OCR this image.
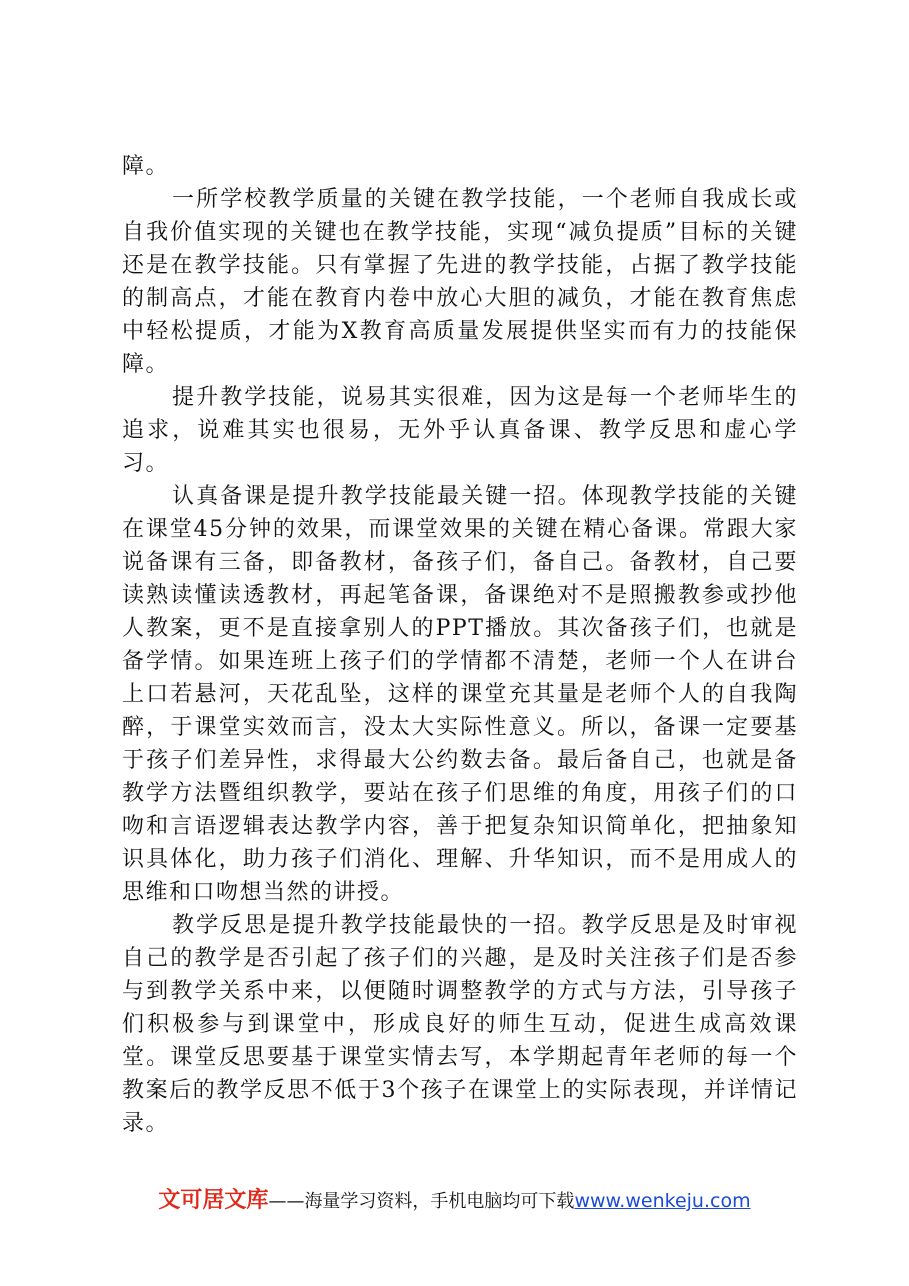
障。

一所学校教学质量的关键在教学技能，一个老师自我成长或自我价值实现的关键也在教学技能，实现“减负提质”目标的关键还是在教学技能。只有掌握了先进的教学技能，占据了教学技能的制高点，才能在教育内卷中放心大胆的减负，才能在教育焦虑中轻松提质，才能为X教育高质量发展提供坚实而有力的技能保障。

提升教学技能，说易其实很难，因为这是每一个老师毕生的追求，说难其实也很易，无外乎认真备课、教学反思和虚心学习。

认真备课是提升教学技能最关键一招。体现教学技能的关键在课堂45分钟的效果，而课堂效果的关键在精心备课。常跟大家说备课有三备，即备教材，备孩子们，备自己。备教材，自己要读熟读懂读透教材，再起笔备课，备课绝对不是照搬教参或抄他人教案，更不是直接拿别人的PPT播放。其次备孩子们，也就是备学情。如果连班上孩子们的学情都不清楚，老师一个人在讲台上口若悬河，天花乱坠，这样的课堂充其量是老师个人的自我陶醉，于课堂实效而言，没太大实际性意义。所以，备课一定要基于孩子们差异性，求得最大公约数去备。最后备自己，也就是备教学方法暨组织教学，要站在孩子们思维的角度，用孩子们的口吻和言语逻辑表达教学内容，善于把复杂知识简单化，把抽象知识具体化，助力孩子们消化、理解、升华知识，而不是用成人的思维和口吻想当然的讲授。

教学反思是提升教学技能最快的一招。教学反思是及时审视自己的教学是否引起了孩子们的兴趣，是及时关注孩子们是否参与到教学关系中来，以便随时调整教学的方式与方法，引导孩子们积极参与到课堂中，形成良好的师生互动，促进生成高效课堂。课堂反思要基于课堂实情去写，本学期起青年老师的每一个教案后的教学反思不低于3个孩子在课堂上的实际表现，并详情记录。

文可居文库——海量学习资料，手机电脑均可下载www.wenkeju.com
